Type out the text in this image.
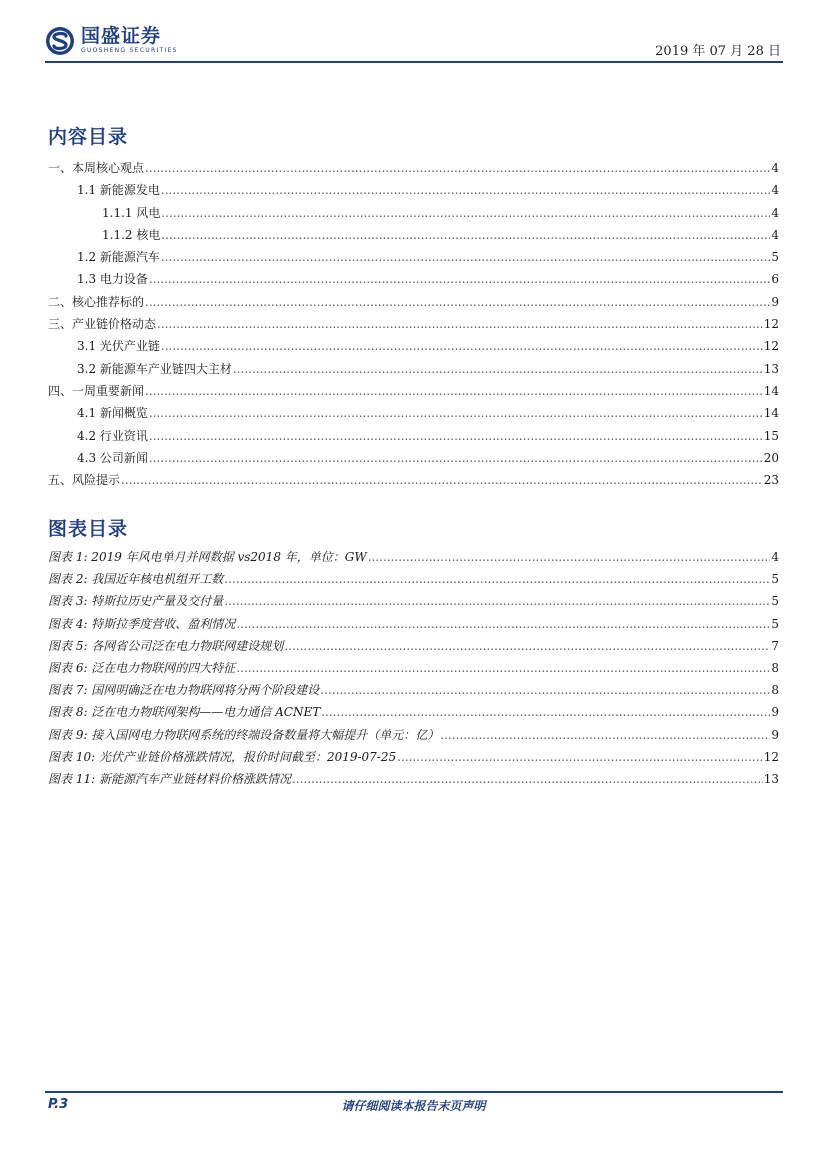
国盛证券
GUOSHENG SECURITIES	2019 年 07 月 28 日
内容目录
一、本周核心观点 .....	4
1.1 新能源发电 .....	4
1.1.1 风电 .....	4
1.1.2 核电 .....	4
1.2 新能源汽车 .....	5
1.3 电力设备 .....	6
二、核心推荐标的 .....	9
三、产业链价格动态 .....	12
3.1 光伏产业链 .....	12
3.2 新能源车产业链四大主材 .....	13
四、一周重要新闻 .....	14
4.1 新闻概览 .....	14
4.2 行业资讯 .....	15
4.3 公司新闻 .....	20
五、风险提示 .....	23
图表目录
图表 1: 2019 年风电单月并网数据 vs2018 年，单位：GW .....	4
图表 2: 我国近年核电机组开工数 .....	5
图表 3: 特斯拉历史产量及交付量 .....	5
图表 4: 特斯拉季度营收、盈利情况 .....	5
图表 5: 各网省公司泛在电力物联网建设规划 .....	7
图表 6: 泛在电力物联网的四大特征 .....	8
图表 7: 国网明确泛在电力物联网将分两个阶段建设 .....	8
图表 8: 泛在电力物联网架构——电力通信 ACNET .....	9
图表 9: 接入国网电力物联网系统的终端设备数量将大幅提升（单元：亿） .....	9
图表 10: 光伏产业链价格涨跌情况，报价时间截至：2019-07-25 .....	12
图表 11: 新能源汽车产业链材料价格涨跌情况 .....	13
P.3	请仔细阅读本报告末页声明
